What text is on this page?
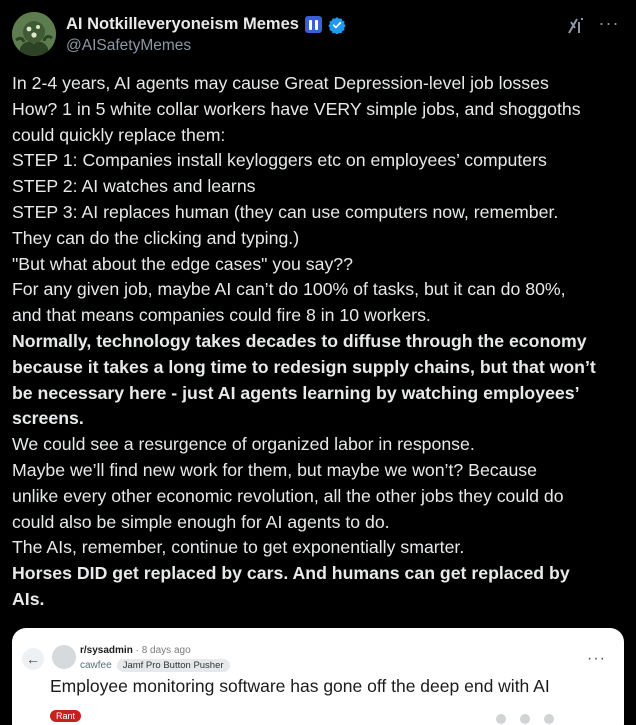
AI Notkilleveryoneism Memes
@AISafetyMemes
···
In 2-4 years, AI agents may cause Great Depression-level job losses
How? 1 in 5 white collar workers have VERY simple jobs, and shoggoths
could quickly replace them:
STEP 1: Companies install keyloggers etc on employees’ computers
STEP 2: AI watches and learns
STEP 3: AI replaces human (they can use computers now, remember.
They can do the clicking and typing.)
"But what about the edge cases" you say??
For any given job, maybe AI can’t do 100% of tasks, but it can do 80%,
and that means companies could fire 8 in 10 workers.
Normally, technology takes decades to diffuse through the economy
because it takes a long time to redesign supply chains, but that won’t
be necessary here - just AI agents learning by watching employees’
screens.
We could see a resurgence of organized labor in response.
Maybe we’ll find new work for them, but maybe we won’t? Because
unlike every other economic revolution, all the other jobs they could do
could also be simple enough for AI agents to do.
The AIs, remember, continue to get exponentially smarter.
Horses DID get replaced by cars. And humans can get replaced by
AIs.
←
r/sysadmin · 8 days ago
cawfee	Jamf Pro Button Pusher	···
Employee monitoring software has gone off the deep end with AI
Rant
